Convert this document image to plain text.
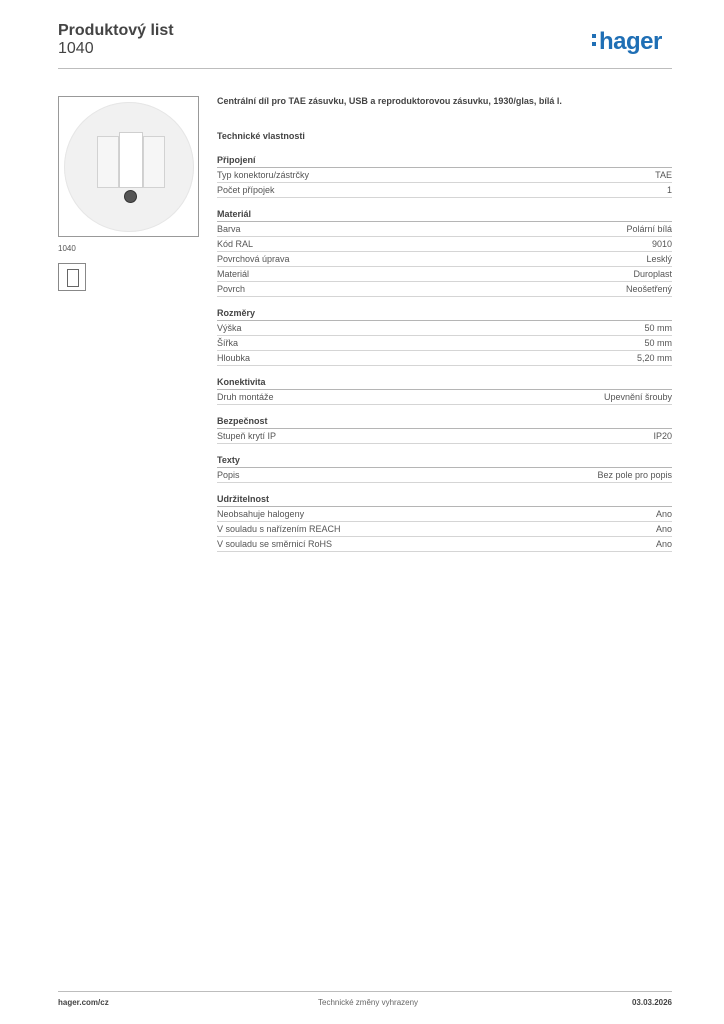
Produktový list
1040	hager
1040
Centrální díl pro TAE zásuvku, USB a reproduktorovou zásuvku, 1930/glas, bílá l.
Technické vlastnosti
Připojení
Typ konektoru/zástrčky	TAE
Počet přípojek	1
Materiál
Barva	Polární bílá
Kód RAL	9010
Povrchová úprava	Lesklý
Materiál	Duroplast
Povrch	Neošetřený
Rozměry
Výška	50 mm
Šířka	50 mm
Hloubka	5,20 mm
Konektivita
Druh montáže	Upevnění šrouby
Bezpečnost
Stupeň krytí IP	IP20
Texty
Popis	Bez pole pro popis
Udržitelnost
Neobsahuje halogeny	Ano
V souladu s nařízením REACH	Ano
V souladu se směrnicí RoHS	Ano
hager.com/cz	Technické změny vyhrazeny	03.03.2026
